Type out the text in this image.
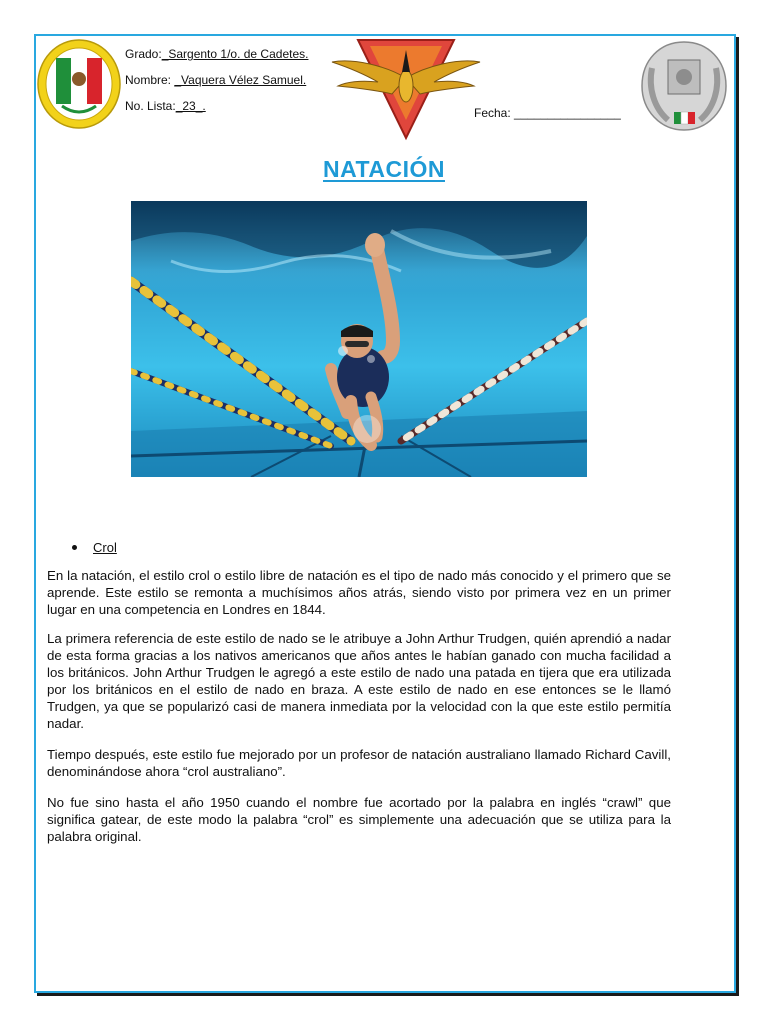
Grado:_Sargento 1/o. de Cadetes.
Nombre: _Vaquera Vélez Samuel.
No. Lista:_23_.	Fecha: ________________
NATACIÓN
Crol
En la natación, el estilo crol o estilo libre de natación es el tipo de nado más conocido y el primero que se aprende. Este estilo se remonta a muchísimos años atrás, siendo visto por primera vez en un primer lugar en una competencia en Londres en 1844.
La primera referencia de este estilo de nado se le atribuye a John Arthur Trudgen, quién aprendió a nadar de esta forma gracias a los nativos americanos que años antes le habían ganado con mucha facilidad a los británicos. John Arthur Trudgen le agregó a este estilo de nado una patada en tijera que era utilizada por los británicos en el estilo de nado en braza. A este estilo de nado en ese entonces se le llamó Trudgen, ya que se popularizó casi de manera inmediata por la velocidad con la que este estilo permitía nadar.
Tiempo después, este estilo fue mejorado por un profesor de natación australiano llamado Richard Cavill, denominándose ahora “crol australiano”.
No fue sino hasta el año 1950 cuando el nombre fue acortado por la palabra en inglés “crawl” que significa gatear, de este modo la palabra “crol” es simplemente una adecuación que se utiliza para la palabra original.
